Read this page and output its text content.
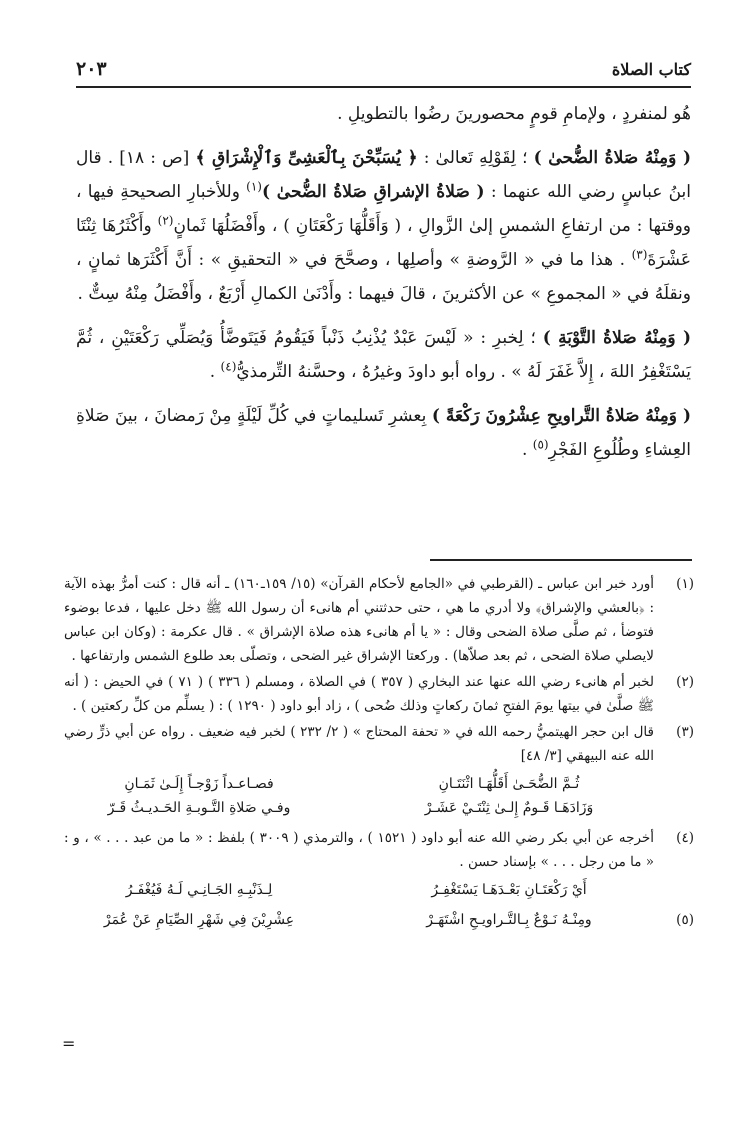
كتاب الصلاة
٢٠٣

هُو لمنفردٍ ، ولإمامِ قومٍ محصورينَ رضُوا بالتطويلِ .

( وَمِنْهُ صَلاةُ الضُّحىٰ ) ؛ لِقَوْلِهِ تَعالىٰ : ﴿ يُسَبِّحْنَ بِٱلْعَشِىِّ وَٱلْإِشْرَاقِ ﴾ [ص : ١٨] . قال ابنُ عباسٍ رضي الله عنهما : ( صَلاةُ الإشراقِ صَلاةُ الضُّحىٰ )$^{(١)}$ وللأخبارِ الصحيحةِ فيها ، ووقتها : من ارتفاعِ الشمسِ إلىٰ الزَّوالِ ، ( وَأَقَلُّهَا رَكْعَتَانِ ) ، وأَفْضَلُهَا ثَمانٍ$^{(٢)}$ وأَكْثَرُهَا ثِنْتَا عَشْرَةَ$^{(٣)}$ . هذا ما في « الرَّوضةِ » وأصلِها ، وصحَّحَ في « التحقيقِ » : أَنَّ أَكْثَرَها ثمانٍ ، ونقلَهُ في « المجموعِ » عن الأكثرينَ ، قالَ فيهما : وأَدْنَىٰ الكمالِ أَرْبَعٌ ، وأَفْضَلُ مِنْهُ سِتٌّ .

( وَمِنْهُ صَلاةُ التَّوْبَةِ ) ؛ لِخبرِ : « لَيْسَ عَبْدٌ يُذْنِبُ ذَنْباً فَيَقُومُ فَيَتَوضَّأُ وَيُصَلِّي رَكْعَتَيْنِ ، ثُمَّ يَسْتَغْفِرُ اللهَ ، إِلاَّ غَفَرَ لَهُ » . رواه أبو داودَ وغيرُهُ ، وحسَّنهُ التِّرمذيُّ$^{(٤)}$ .

( وَمِنْهُ صَلاةُ التَّراويحِ عِشْرُونَ رَكْعَةً ) بِعشرِ تَسليماتٍ في كُلِّ لَيْلَةٍ مِنْ رَمضانَ ، بينَ صَلاةِ العِشاءِ وطُلُوعِ الفَجْرِ$^{(٥)}$ .

(١)
أورد خبر ابن عباس ـ (القرطبي في «الجامع لأحكام القرآن» (١٥/ ١٥٩ـ١٦٠) ـ أنه قال : كنت أمرُّ بهذه الآية : ﴿بالعشي والإشراق﴾ ولا أدري ما هي ، حتى حدثتني أم هانىء أن رسول الله ﷺ دخل عليها ، فدعا بوضوء فتوضأ ، ثم صلَّى صلاة الضحى وقال : « يا أم هانىء هذه صلاة الإشراق » . قال عكرمة : (وكان ابن عباس لايصلي صلاة الضحى ، ثم بعد صلاّها) . وركعتا الإشراق غير الضحى ، وتصلّى بعد طلوع الشمس وارتفاعها .
(٢)
لخبر أم هانىء رضي الله عنها عند البخاري ( ٣٥٧ ) في الصلاة ، ومسلم ( ٣٣٦ ) ( ٧١ ) في الحيض : ( أنه ﷺ صلَّىٰ في بيتها يومَ الفتحِ ثمانَ ركعاتٍ وذلك ضُحى ) ، زاد أبو داود ( ١٢٩٠ ) : ( يسلِّم من كلِّ ركعتين ) .
(٣)
قال ابن حجر الهيتميُّ رحمه الله في « تحفة المحتاج » ( ٢/ ٢٣٢ ) لخبر فيه ضعيف . رواه عن أبي ذرٍّ رضي الله عنه البيهقي [٣/ ٤٨]
ثُـمَّ الضُّحَـىٰ أَقَلُّهَـا اثْنَتَـانِ
فصـاعـداً زَوْجـاً إِلَـىٰ ثَمَـانِ
وَزَادَهَـا قَـومٌ إِلـىٰ ثِنْتَـيْ عَشَـرْ
وفـي صَلاةِ التَّـوبـةِ الحَـديـثُ قَـرّ
(٤)
أخرجه عن أبي بكر رضي الله عنه أبو داود ( ١٥٢١ ) ، والترمذي ( ٣٠٠٩ ) بلفظ : « ما من عبد . . . » ، و : « ما من رجل . . . » بإسناد حسن .
أَيْ رَكْعَتَـانِ بَعْـدَهَـا يَسْتَغْفِـرُ
لِـذَنْبِـهِ الجَـانِـي لَـهُ فَيُغْفَـرُ
(٥)
ومِنْـهُ نَـوْعٌ بِـالتَّـراويـحِ اشْتَهَـرْ
عِشْرِيْنَ فِي شَهْرِ الصِّيَامِ عَنْ عُمَرْ
=
